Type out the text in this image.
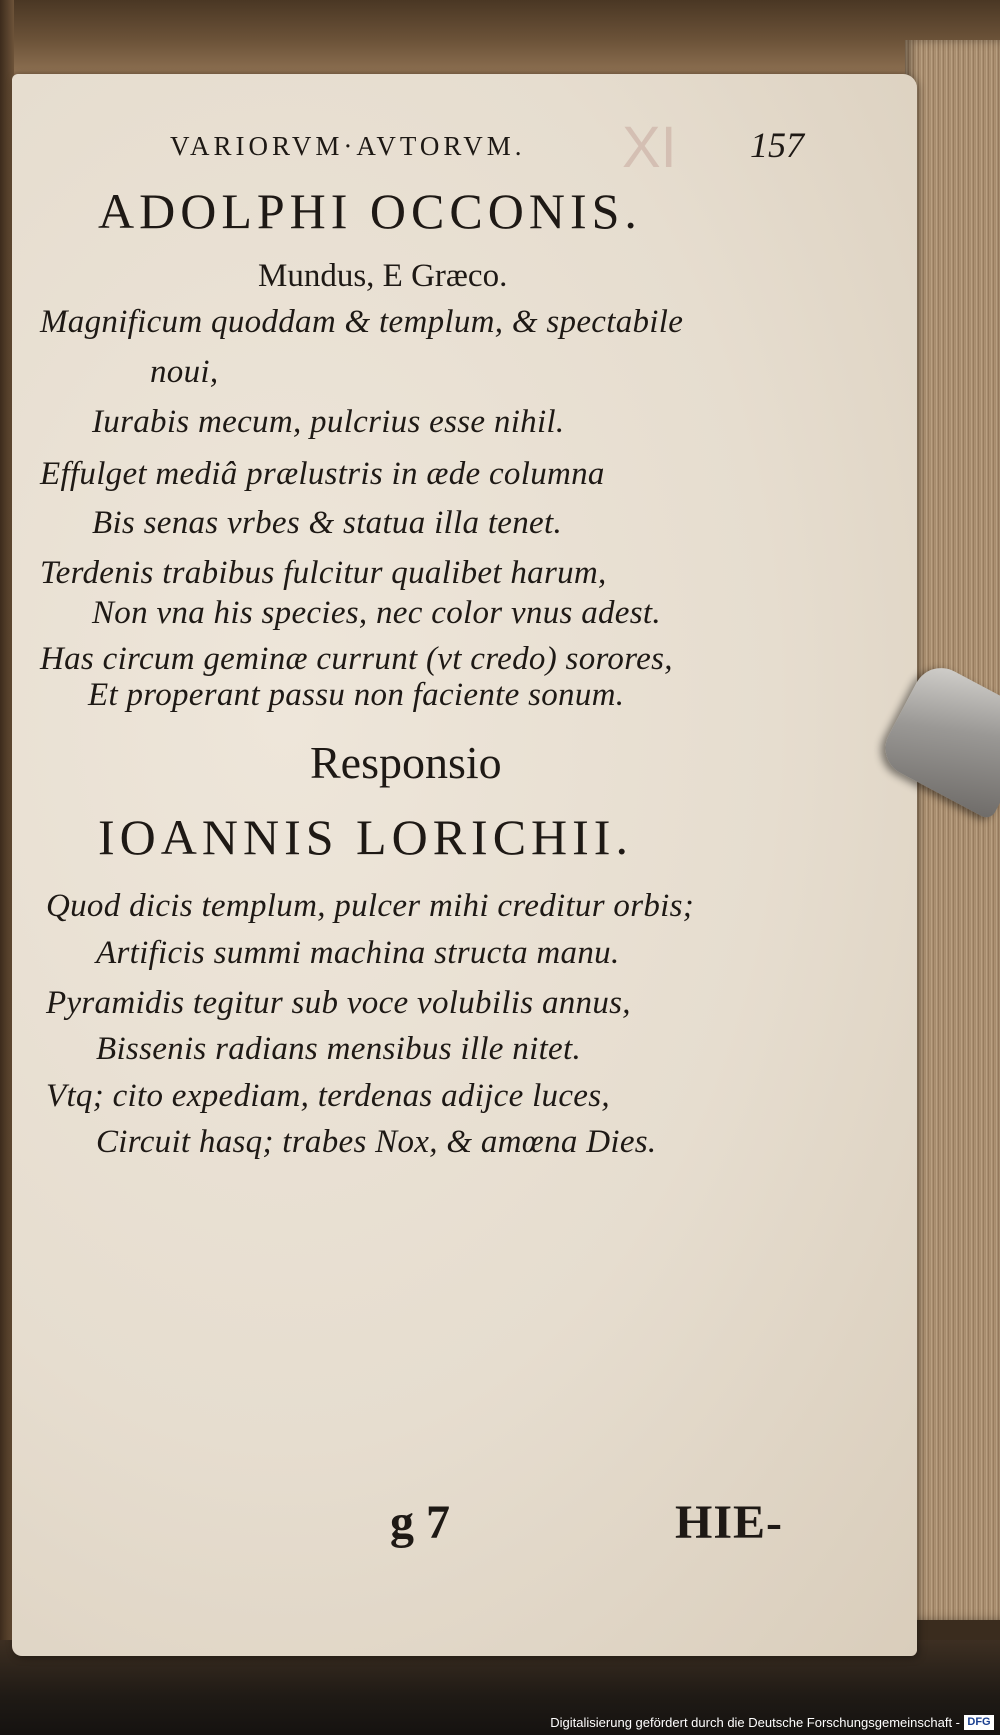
XI
VARIORVM·AVTORVM.	157
ADOLPHI OCCONIS.
Mundus, E Græco.
Magnificum quoddam & templum, & spectabile
noui,
Iurabis mecum, pulcrius esse nihil.
Effulget mediâ prælustris in æde columna
Bis senas vrbes & statua illa tenet.
Terdenis trabibus fulcitur qualibet harum,
Non vna his species, nec color vnus adest.
Has circum geminæ currunt (vt credo) sorores,
Et properant passu non faciente sonum.
Responsio
IOANNIS LORICHII.
Quod dicis templum, pulcer mihi creditur orbis;
Artificis summi machina structa manu.
Pyramidis tegitur sub voce volubilis annus,
Bissenis radians mensibus ille nitet.
Vtq; cito expediam, terdenas adijce luces,
Circuit hasq; trabes Nox, & amœna Dies.
g 7	HIE-
Digitalisierung gefördert durch die Deutsche Forschungsgemeinschaft - DFG
